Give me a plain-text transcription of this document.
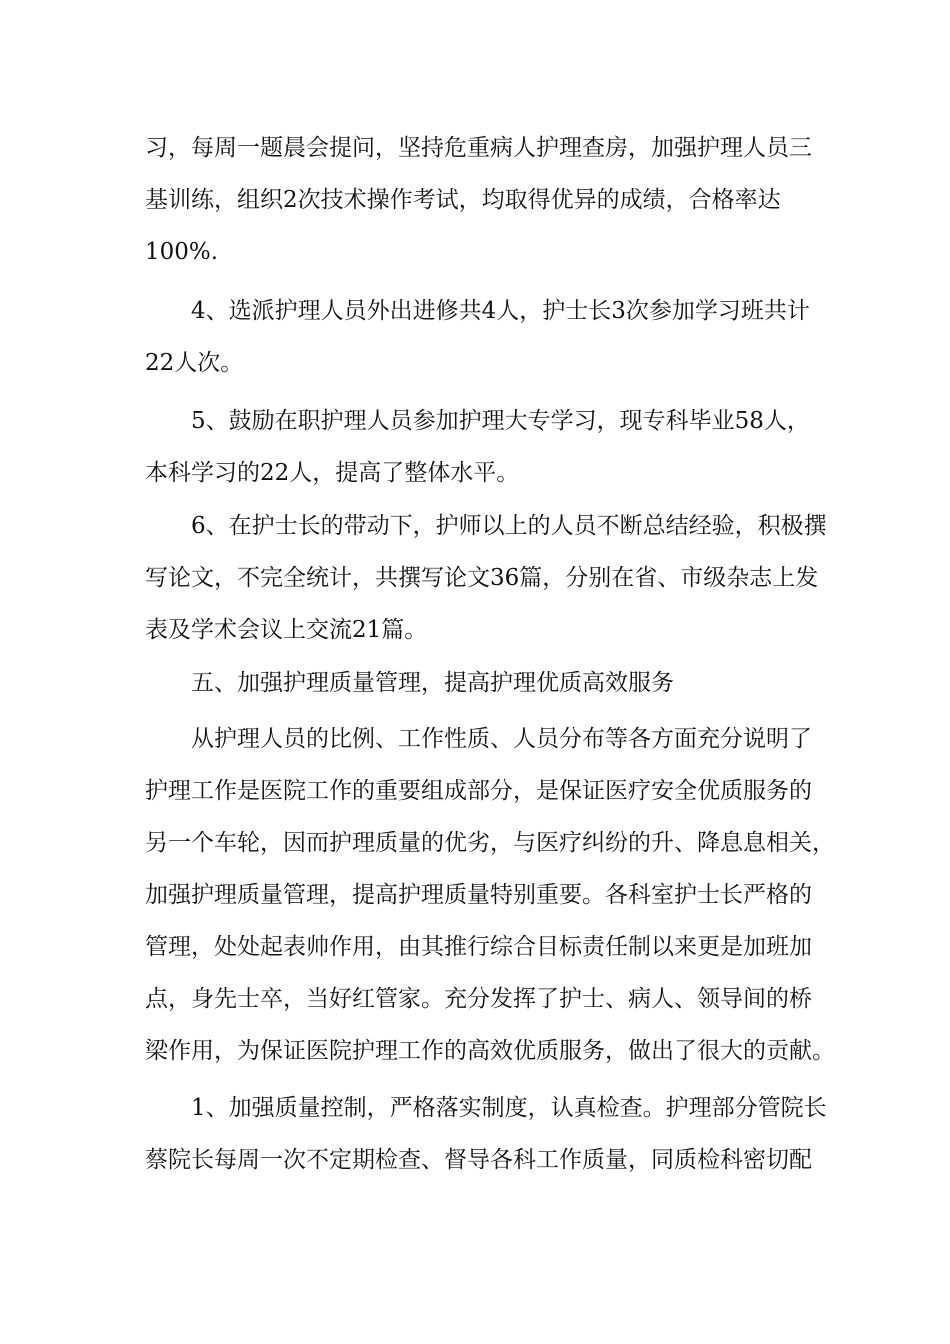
习，每周一题晨会提问，坚持危重病人护理查房，加强护理人员三

基训练，组织2次技术操作考试，均取得优异的成绩，合格率达

100%.

4、选派护理人员外出进修共4人，护士长3次参加学习班共计

22人次。

5、鼓励在职护理人员参加护理大专学习，现专科毕业58人，

本科学习的22人，提高了整体水平。

6、在护士长的带动下，护师以上的人员不断总结经验，积极撰

写论文，不完全统计，共撰写论文36篇，分别在省、市级杂志上发

表及学术会议上交流21篇。

五、加强护理质量管理，提高护理优质高效服务

从护理人员的比例、工作性质、人员分布等各方面充分说明了

护理工作是医院工作的重要组成部分，是保证医疗安全优质服务的

另一个车轮，因而护理质量的优劣，与医疗纠纷的升、降息息相关，

加强护理质量管理，提高护理质量特别重要。各科室护士长严格的

管理，处处起表帅作用，由其推行综合目标责任制以来更是加班加

点，身先士卒，当好红管家。充分发挥了护士、病人、领导间的桥

梁作用，为保证医院护理工作的高效优质服务，做出了很大的贡献。

1、加强质量控制，严格落实制度，认真检查。护理部分管院长

蔡院长每周一次不定期检查、督导各科工作质量，同质检科密切配
